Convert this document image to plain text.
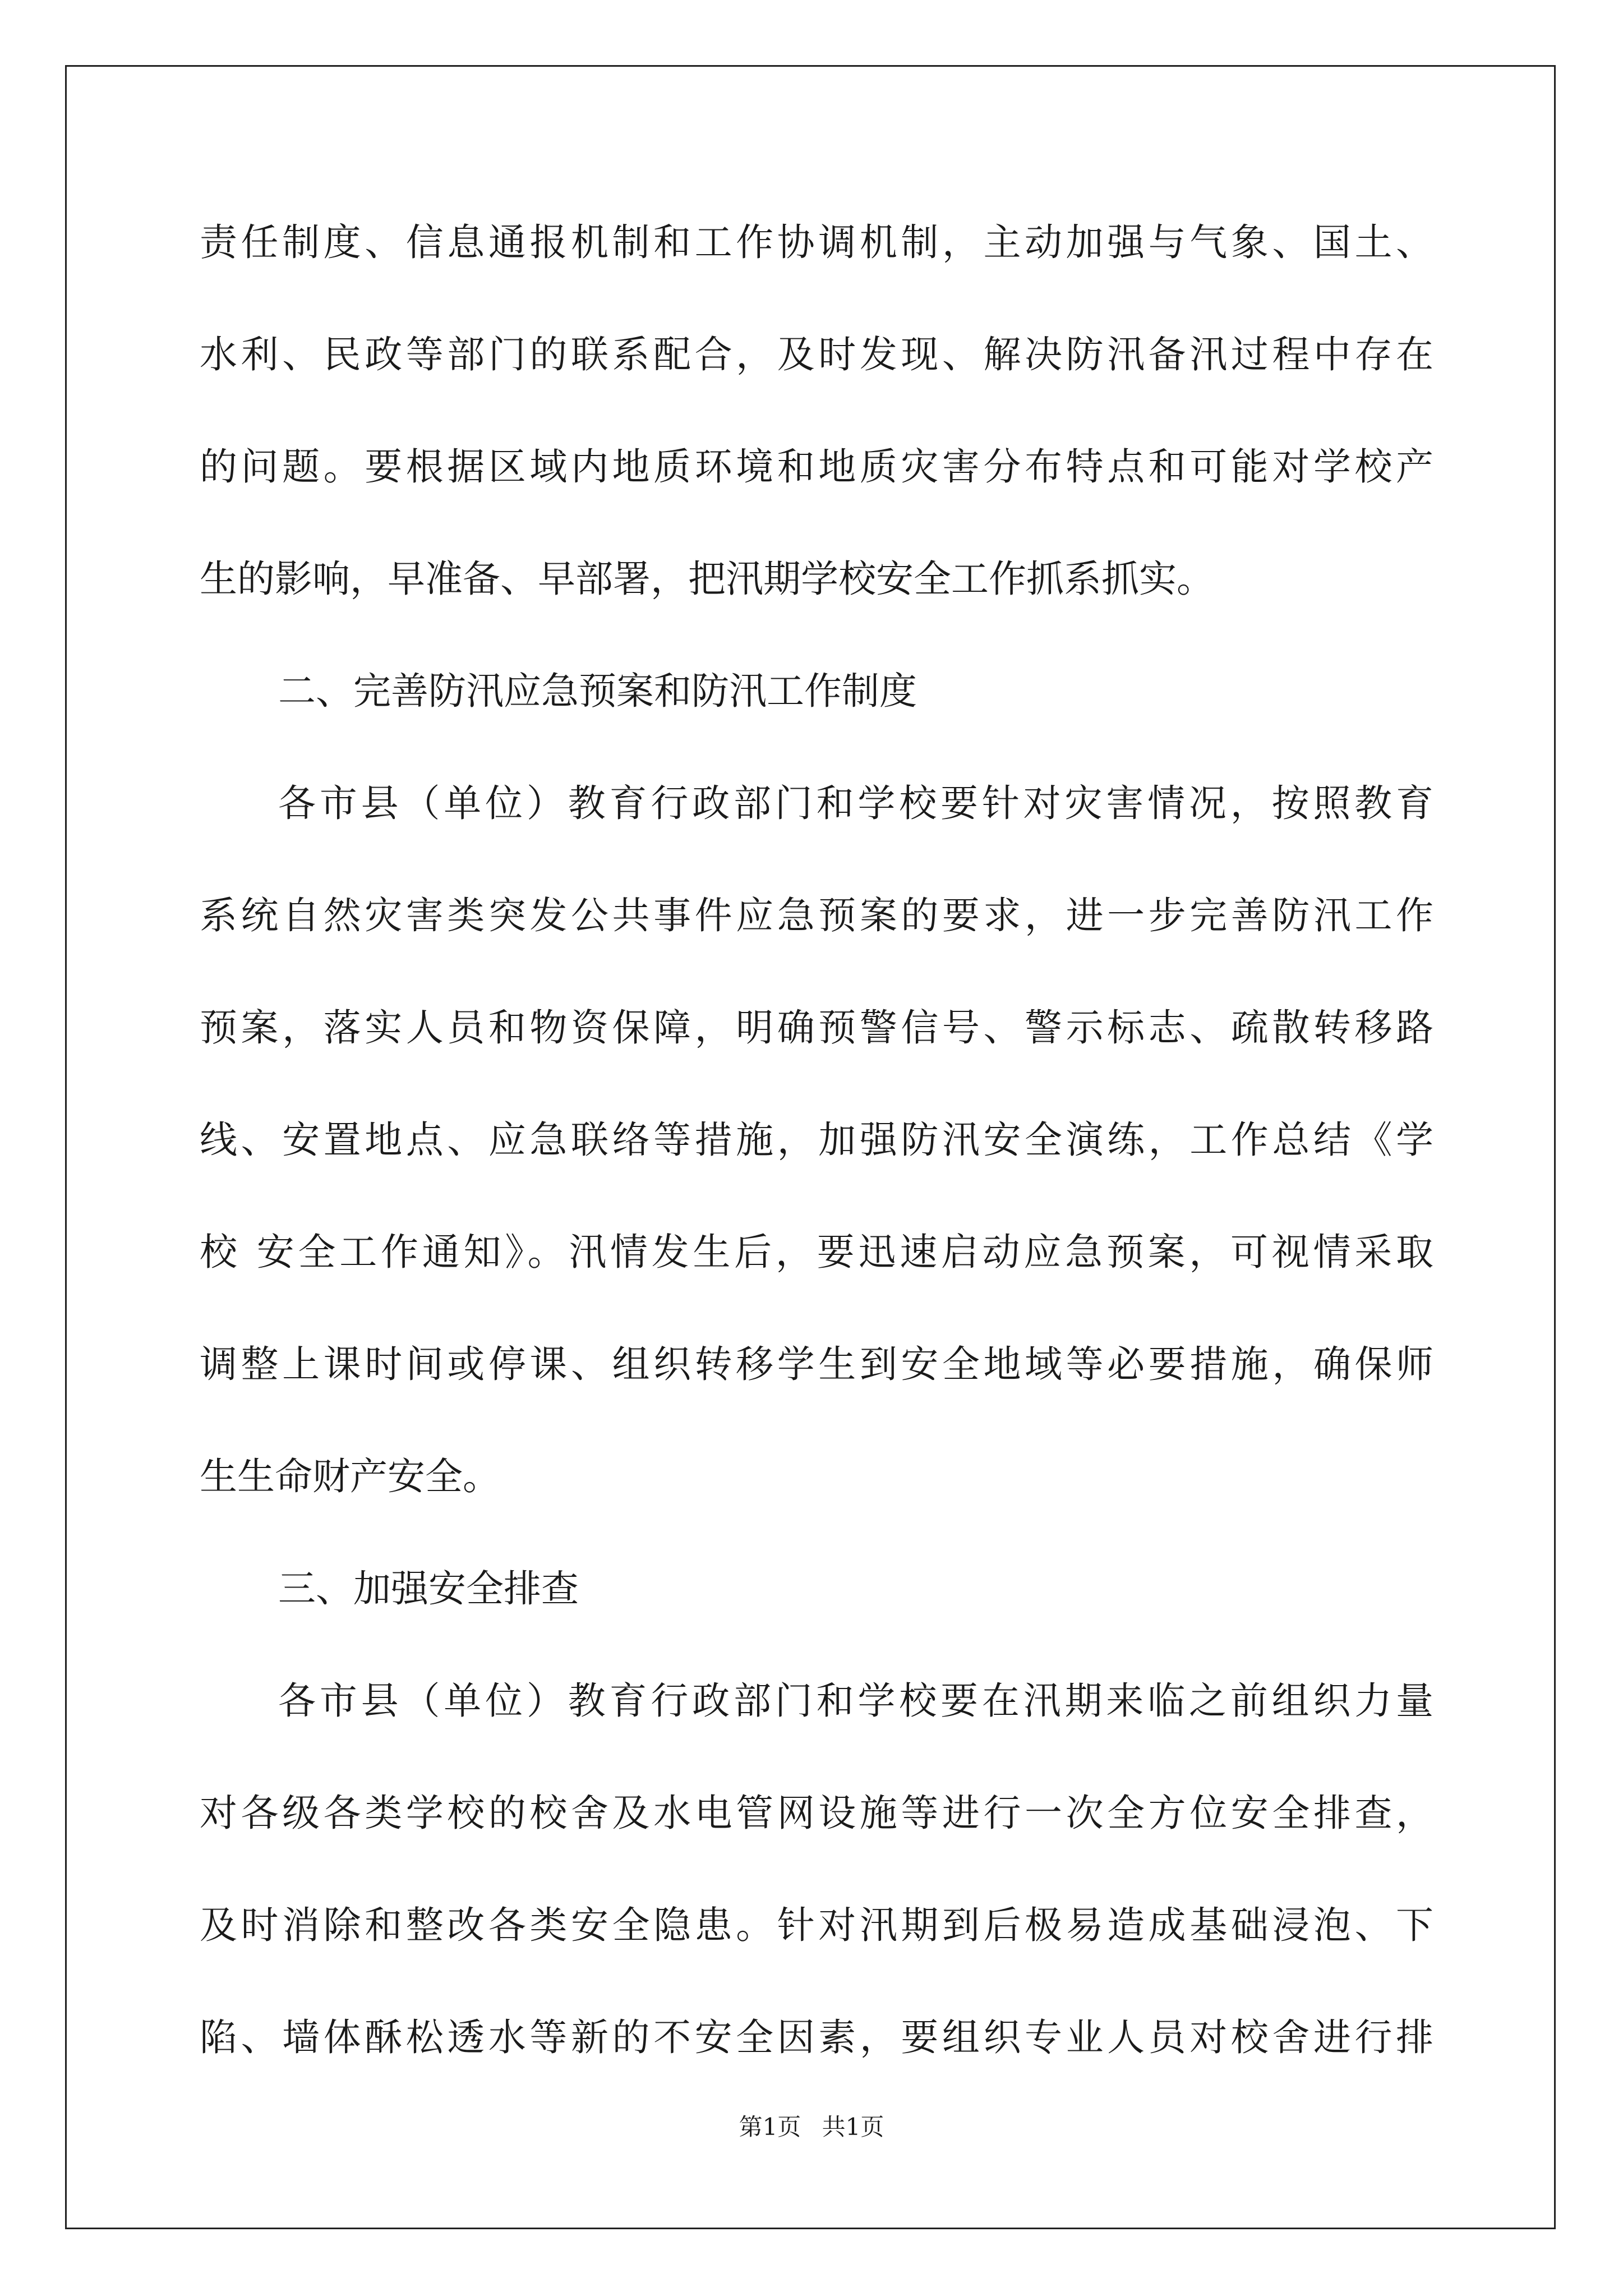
责任制度、信息通报机制和工作协调机制，主动加强与气象、国土、
水利、民政等部门的联系配合，及时发现、解决防汛备汛过程中存在
的问题。要根据区域内地质环境和地质灾害分布特点和可能对学校产
生的影响，早准备、早部署，把汛期学校安全工作抓系抓实。
二、完善防汛应急预案和防汛工作制度
各市县（单位）教育行政部门和学校要针对灾害情况，按照教育
系统自然灾害类突发公共事件应急预案的要求，进一步完善防汛工作
预案，落实人员和物资保障，明确预警信号、警示标志、疏散转移路
线、安置地点、应急联络等措施，加强防汛安全演练，工作总结《学
校 安全工作通知》。汛情发生后，要迅速启动应急预案，可视情采取
调整上课时间或停课、组织转移学生到安全地域等必要措施，确保师
生生命财产安全。
三、加强安全排查
各市县（单位）教育行政部门和学校要在汛期来临之前组织力量
对各级各类学校的校舍及水电管网设施等进行一次全方位安全排查，
及时消除和整改各类安全隐患。针对汛期到后极易造成基础浸泡、下
陷、墙体酥松透水等新的不安全因素，要组织专业人员对校舍进行排
第1页 共1页
